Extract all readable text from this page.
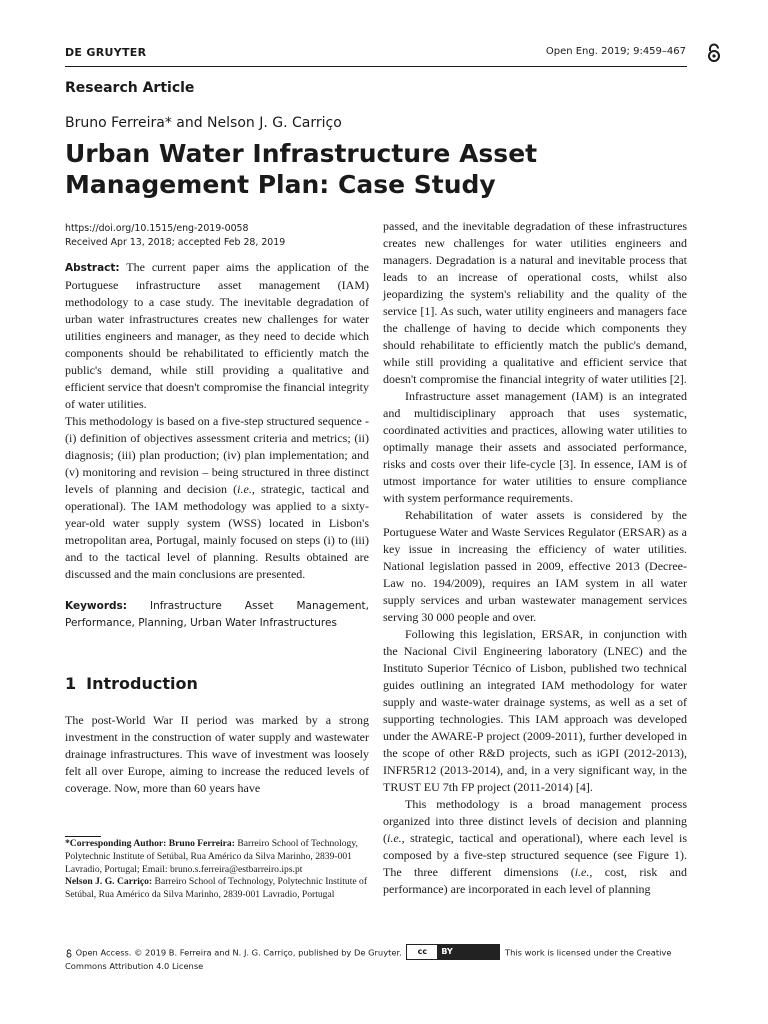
DE GRUYTER	Open Eng. 2019; 9:459–467
Research Article
Bruno Ferreira* and Nelson J. G. Carriço
Urban Water Infrastructure Asset Management Plan: Case Study
https://doi.org/10.1515/eng-2019-0058
Received Apr 13, 2018; accepted Feb 28, 2019

Abstract: The current paper aims the application of the Portuguese infrastructure asset management (IAM) methodology to a case study. The inevitable degradation of urban water infrastructures creates new challenges for water utilities engineers and manager, as they need to decide which components should be rehabilitated to efficiently match the public's demand, while still providing a qualitative and efficient service that doesn't compromise the financial integrity of water utilities.

This methodology is based on a five-step structured sequence - (i) definition of objectives assessment criteria and metrics; (ii) diagnosis; (iii) plan production; (iv) plan implementation; and (v) monitoring and revision – being structured in three distinct levels of planning and decision (i.e., strategic, tactical and operational). The IAM methodology was applied to a sixty-year-old water supply system (WSS) located in Lisbon's metropolitan area, Portugal, mainly focused on steps (i) to (iii) and to the tactical level of planning. Results obtained are discussed and the main conclusions are presented.

Keywords: Infrastructure Asset Management, Performance, Planning, Urban Water Infrastructures

1 Introduction

The post-World War II period was marked by a strong investment in the construction of water supply and wastewater drainage infrastructures. This wave of investment was loosely felt all over Europe, aiming to increase the reduced levels of coverage. Now, more than 60 years have

*Corresponding Author: Bruno Ferreira: Barreiro School of Technology, Polytechnic Institute of Setúbal, Rua Américo da Silva Marinho, 2839-001 Lavradio, Portugal; Email: bruno.s.ferreira@estbarreiro.ips.pt

Nelson J. G. Carriço: Barreiro School of Technology, Polytechnic Institute of Setúbal, Rua Américo da Silva Marinho, 2839-001 Lavradio, Portugal

passed, and the inevitable degradation of these infrastructures creates new challenges for water utilities engineers and managers. Degradation is a natural and inevitable process that leads to an increase of operational costs, whilst also jeopardizing the system's reliability and the quality of the service [1]. As such, water utility engineers and managers face the challenge of having to decide which components they should rehabilitate to efficiently match the public's demand, while still providing a qualitative and efficient service that doesn't compromise the financial integrity of water utilities [2].

Infrastructure asset management (IAM) is an integrated and multidisciplinary approach that uses systematic, coordinated activities and practices, allowing water utilities to optimally manage their assets and associated performance, risks and costs over their life-cycle [3]. In essence, IAM is of utmost importance for water utilities to ensure compliance with system performance requirements.

Rehabilitation of water assets is considered by the Portuguese Water and Waste Services Regulator (ERSAR) as a key issue in increasing the efficiency of water utilities. National legislation passed in 2009, effective 2013 (Decree-Law no. 194/2009), requires an IAM system in all water supply services and urban wastewater management services serving 30 000 people and over.

Following this legislation, ERSAR, in conjunction with the Nacional Civil Engineering laboratory (LNEC) and the Instituto Superior Técnico of Lisbon, published two technical guides outlining an integrated IAM methodology for water supply and waste-water drainage systems, as well as a set of supporting technologies. This IAM approach was developed under the AWARE-P project (2009-2011), further developed in the scope of other R&D projects, such as iGPI (2012-2013), INFR5R12 (2013-2014), and, in a very significant way, in the TRUST EU 7th FP project (2011-2014) [4].

This methodology is a broad management process organized into three distinct levels of decision and planning (i.e., strategic, tactical and operational), where each level is composed by a five-step structured sequence (see Figure 1). The three different dimensions (i.e., cost, risk and performance) are incorporated in each level of planning

Open Access. © 2019 B. Ferreira and N. J. G. Carriço, published by De Gruyter. cc BY	This work is licensed under the Creative Commons Attribution 4.0 License
